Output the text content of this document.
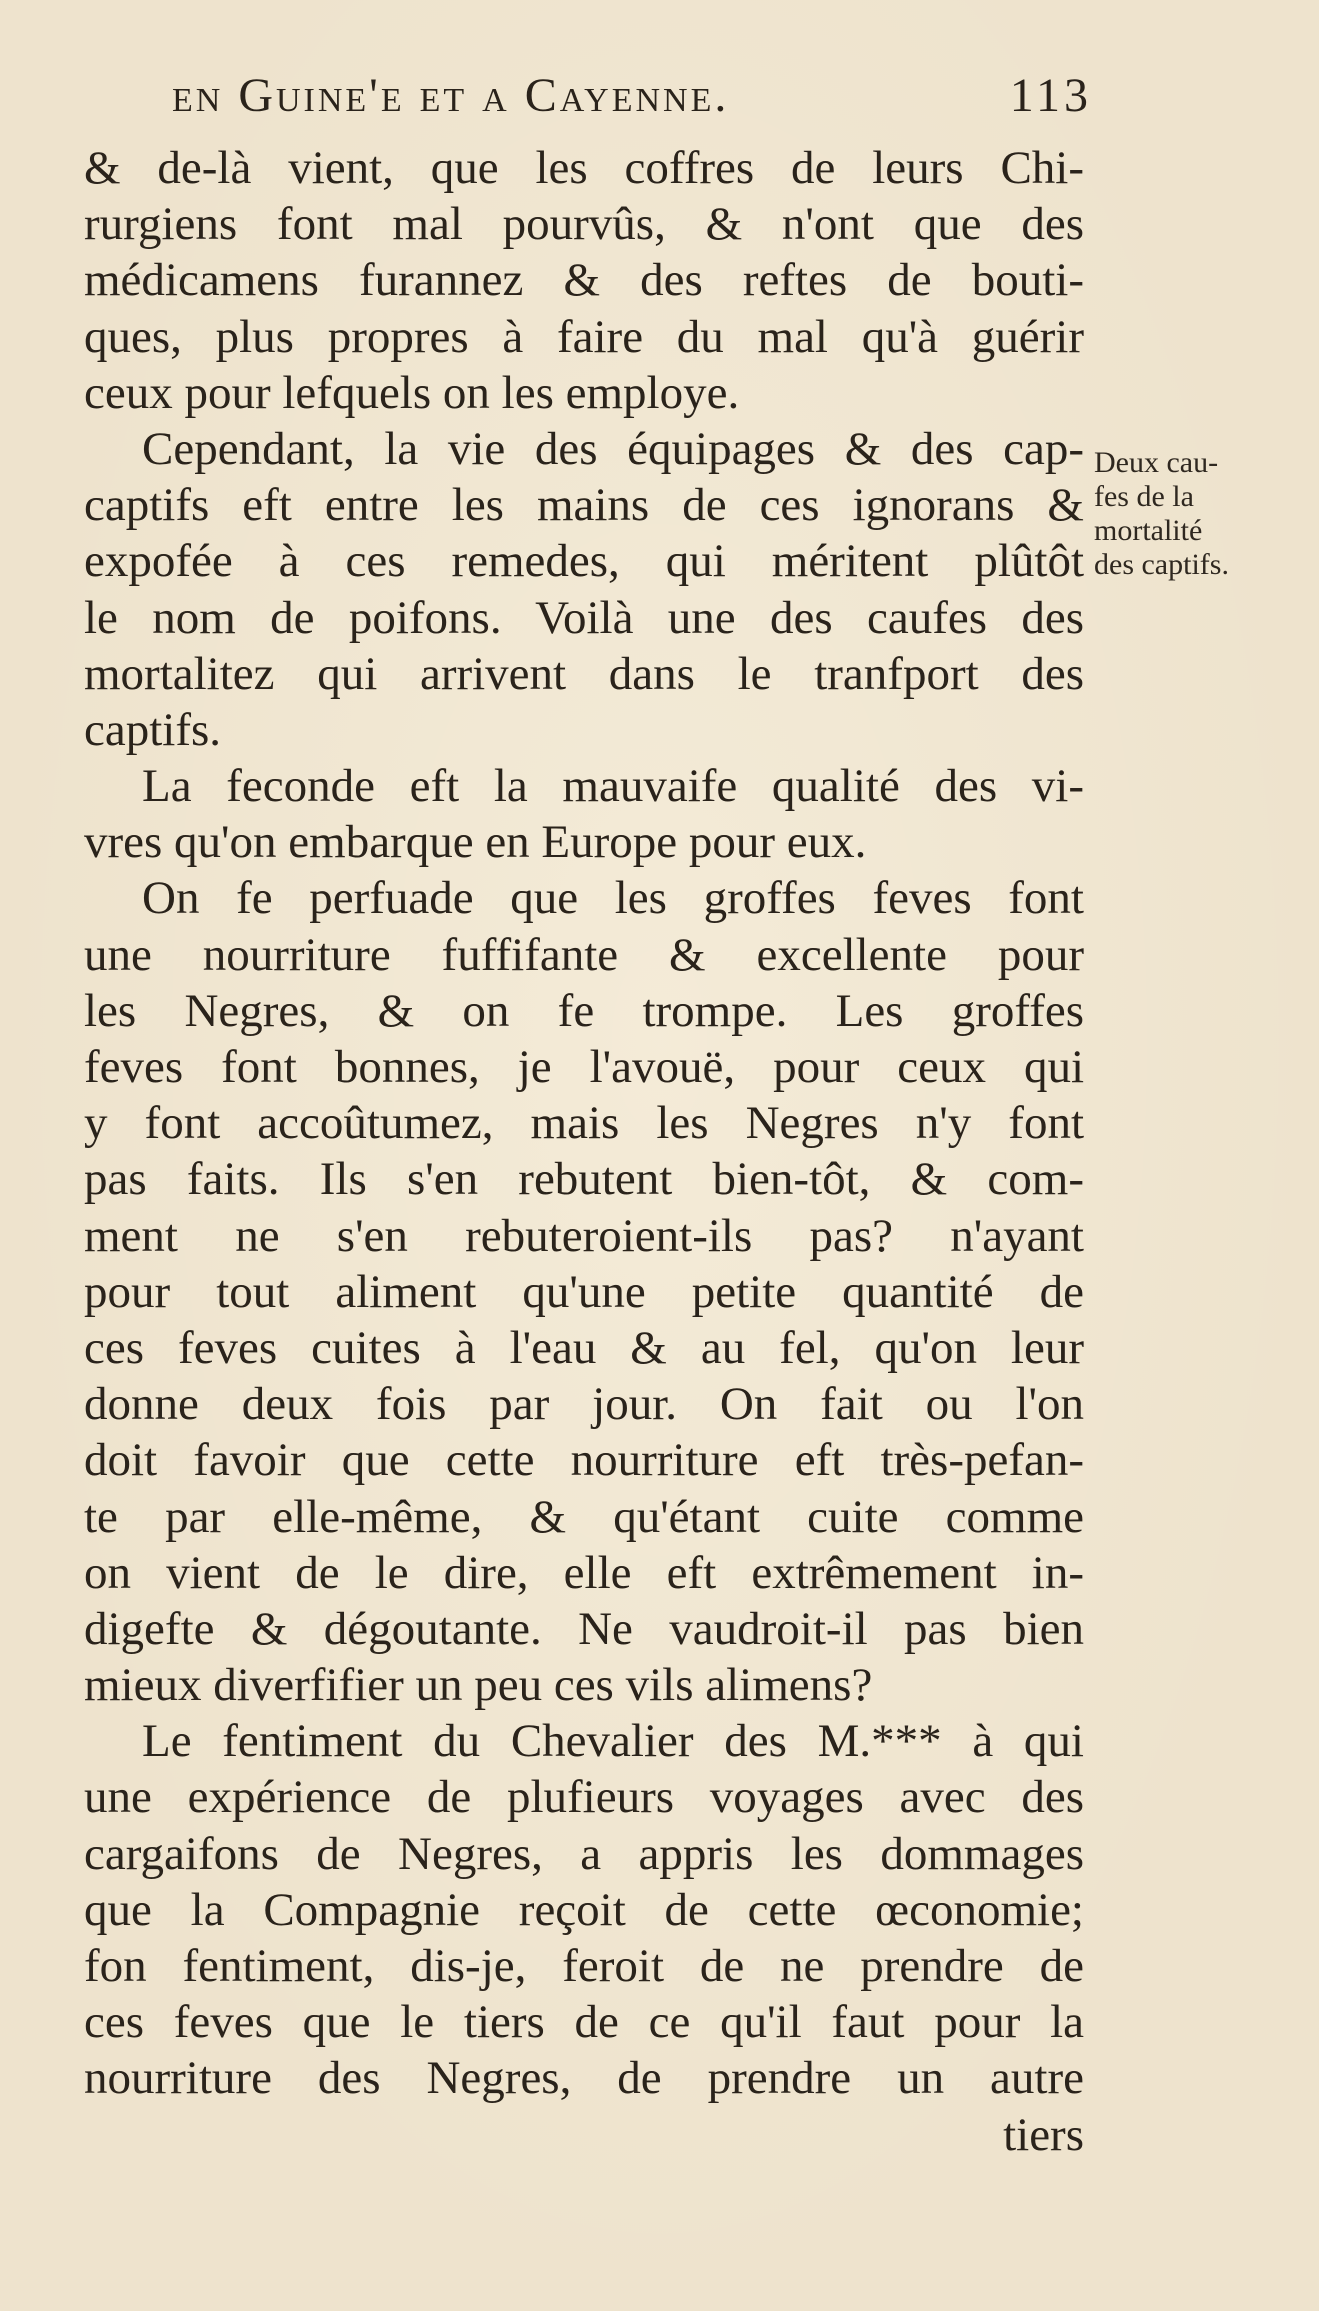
en Guine'e et a Cayenne.	113
& de-là vient, que les coffres de leurs Chi-
rurgiens font mal pourvûs, & n'ont que des
médicamens furannez & des reftes de bouti-
ques, plus propres à faire du mal qu'à guérir
ceux pour lefquels on les employe.
Cependant, la vie des équipages & des cap-
captifs eft entre les mains de ces ignorans &
expofée à ces remedes, qui méritent plûtôt
le nom de poifons. Voilà une des caufes des
mortalitez qui arrivent dans le tranfport des
captifs.
La feconde eft la mauvaife qualité des vi-
vres qu'on embarque en Europe pour eux.
On fe perfuade que les groffes feves font
une nourriture fuffifante & excellente pour
les Negres, & on fe trompe. Les groffes
feves font bonnes, je l'avouë, pour ceux qui
y font accoûtumez, mais les Negres n'y font
pas faits. Ils s'en rebutent bien-tôt, & com-
ment ne s'en rebuteroient-ils pas? n'ayant
pour tout aliment qu'une petite quantité de
ces feves cuites à l'eau & au fel, qu'on leur
donne deux fois par jour. On fait ou l'on
doit favoir que cette nourriture eft très-pefan-
te par elle-même, & qu'étant cuite comme
on vient de le dire, elle eft extrêmement in-
digefte & dégoutante. Ne vaudroit-il pas bien
mieux diverfifier un peu ces vils alimens?
Le fentiment du Chevalier des M.*** à qui
une expérience de plufieurs voyages avec des
cargaifons de Negres, a appris les dommages
que la Compagnie reçoit de cette œconomie;
fon fentiment, dis-je, feroit de ne prendre de
ces feves que le tiers de ce qu'il faut pour la
nourriture des Negres, de prendre un autre
tiers
Deux cau-
fes de la
mortalité
des captifs.
